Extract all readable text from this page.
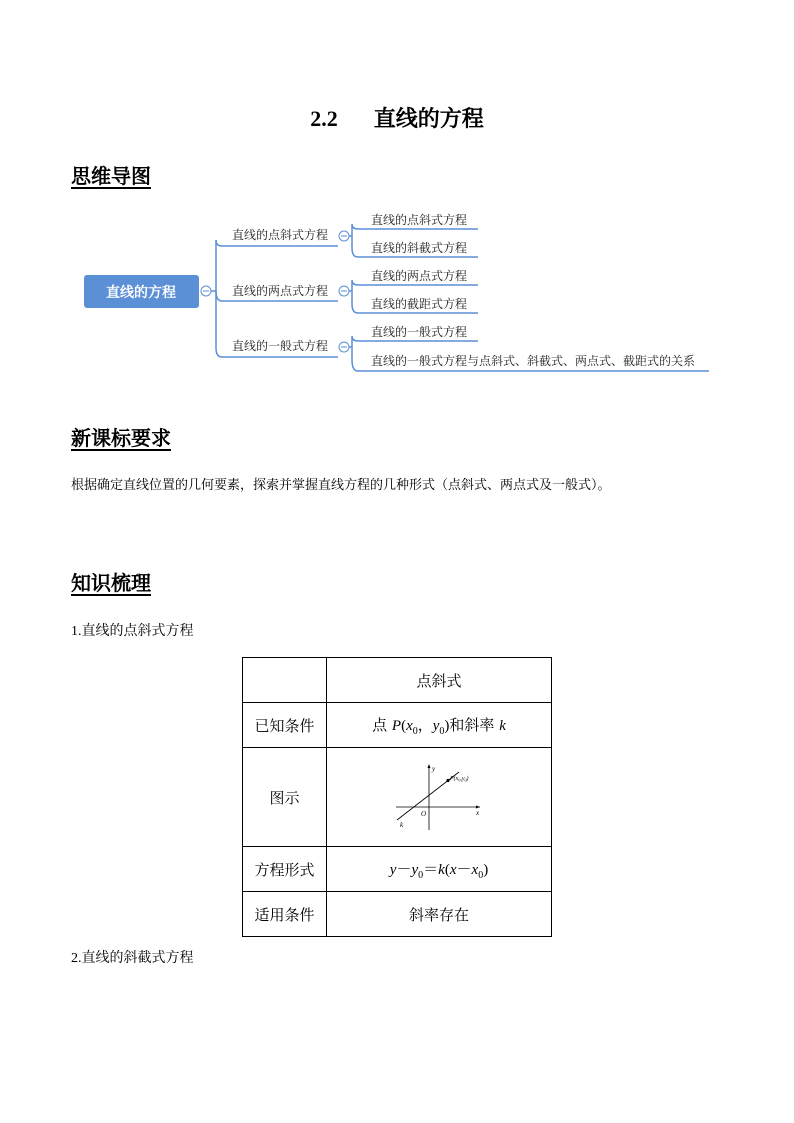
2.2 直线的方程
思维导图
直线的方程
直线的点斜式方程
直线的点斜式方程
直线的斜截式方程
直线的两点式方程
直线的两点式方程
直线的截距式方程
直线的一般式方程
直线的一般式方程
直线的一般式方程与点斜式、斜截式、两点式、截距式的关系
新课标要求
根据确定直线位置的几何要素，探索并掌握直线方程的几种形式（点斜式、两点式及一般式）。
知识梳理
1.直线的点斜式方程
	点斜式
已知条件	点 $P(x_0$，$y_0$)和斜率 k
图示	y
x
O
k
$P(x_0,y_0)$

方程形式	$y-y_0=k(x-x_0)$
适用条件	斜率存在
2.直线的斜截式方程
